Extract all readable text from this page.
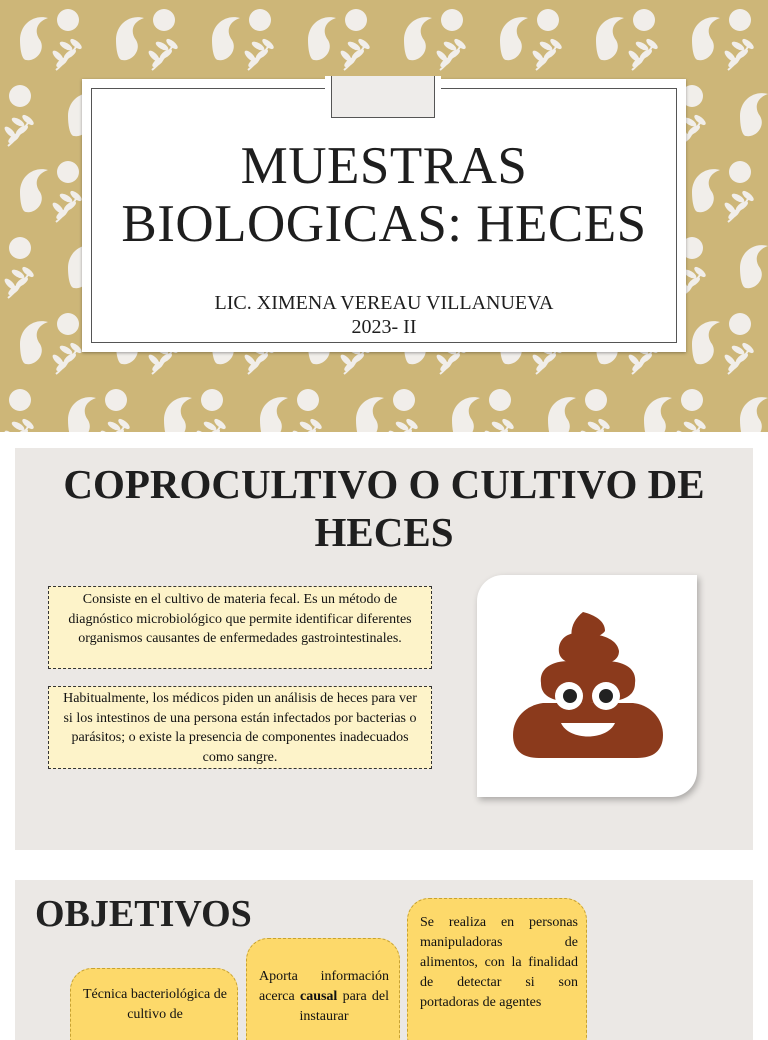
MUESTRAS
BIOLOGICAS: HECES
LIC. XIMENA VEREAU VILLANUEVA
2023- II
COPROCULTIVO O CULTIVO DE
HECES
Consiste en el cultivo de materia fecal. Es un método de diagnóstico microbiológico que permite identificar diferentes organismos causantes de enfermedades gastrointestinales.
Habitualmente, los médicos piden un análisis de heces para ver si los intestinos de una persona están infectados por bacterias o parásitos; o existe la presencia de componentes inadecuados como sangre.
OBJETIVOS
Técnica bacteriológica de cultivo de
Aporta información acerca causal para del instaurar
Se realiza en personas manipuladoras de alimentos, con la finalidad de detectar si son portadoras de agentes
